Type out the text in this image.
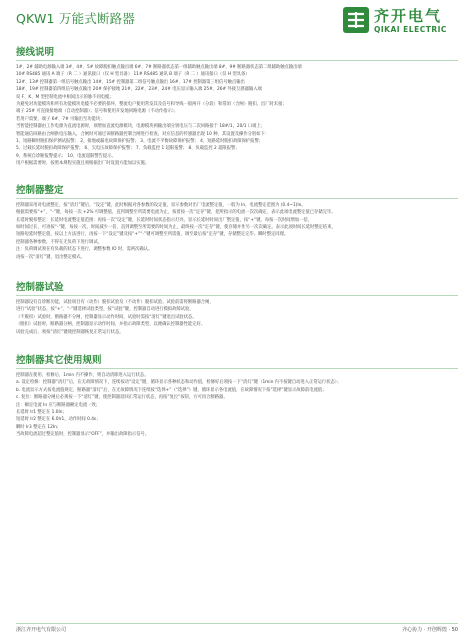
QKW1 万能式断路器	齐开电气
QIKAI ELECTRIC
接线说明
1#、2# 辅助电源输入端 3#、4#、5# 故障脱扣触点输出端 6#、7# 断路器状态第一组辅助触点输出端 8#、9# 断路器状态第二组辅助触点输出端
10# RS485 通讯 A 端子（R 二 ）通讯接口（仅 H 型具备） 11# RS485 通讯 B 端子（R 二 ）通讯接口（仅 H 型具备）
12#、13# 控制器第一组信号触点输出 14#、15# 控制器第二组信号触点输出 16#、17# 控制器第三组信号触点输出
18#、19# 控制器第四组信号触点输出 20# 保护接地 21#、22#、23#、24# 电压显示输入端 25#、26# 外接互感器输入端
说 F、K、M 型控制电流中相间出示的脉不同电缆；
为避免对功能模块和所有功能模块电缆不必要的损坏，整流电户使用常发其及信号和导线一般两开（分段）和常闭（合闸）脱扣，出厂时未接；
端子 25# 可直接接地端（自动控制器）；信号和使用开发地回路电源（不动作指示）；
若用户需要，端子 6#、7# 可输出至功能块；
当智能控制器由工作电源为直流电源时，须增加直流电源模块，电源模块两输出端分别电压与二次回路接于 18#/1，20/1 口端上；
智能通信回路由合闸供电压输入，合闸时可通过该断路器控制合闸进行检查，对应信息的传感器出现 10 种，其设置及操作分别如下：
1、短路瞬时脱扣保护测试报警； 2、接地或漏电故障保护报警； 3、电流不平衡故障保护报警； 4、短路延时脱扣故障保护报警；
5、过载长延时脱扣故障保护报警； 6、欠电压故障保护报警； 7、负载监控 1 超限报警； 8、负载监控 2 超限报警；
9、系统自诊断报警提示； 10、电流超限警告提示。
用户根据需要时，按照本规程实施且须根据出厂时设置方能加以实施。
控制器整定
控制器采用对电流整定，按“清灯”键后，“设定”键，此时根据对各参数的设定值，显示参数对出厂电流整定值，一般为 In，电流整定范围为 (0.4~1)In。
根据需要按“+”、“-”键，每按一次 +2% 可调整值，直到调整至所需要电流为止，按着按一次“定存”键，把所指示的电流一次次确定，表示此项电流整定值已存储完毕。
长延时脱扣整定：长延时电流整定值范围：再按一次“设定”键，长延时时间状态指示灯亮，显示长延时时间出厂整定值，按“+”键，每按一次时间增加一倍，
如时间过长，可再按“-”键，每按一次，时间减少一倍，直到调整至所需要的时间为止，最终按一次“定存”键，使存储并作另一次次确定。表示此项时间长延时整定结束，
短路短延时整定值，按以上方法进行，再按一下“设定”键及按“+”“-”键可调整至所需值，调至最后按“定存”键，存储整定完毕。瞬时整定同理。
控制器各种参数，不得在无负荷下进行调试。
注：负荷调试须在有负载的状态下进行，调整参数 IO 时，需两次确认。
再按一次“清灯”键，退出整定模式。
控制器试验
控制器设有自诊断功能，试验项目有（动作）脱扣试验及（不动作）脱扣试验。试验前需将断路器合闸，
进行“试验”状态，按“+”、“-”键选择试验类型，按“试验”键，控制器自动进行模拟故障试验，
（不脱扣）试验时，断路器不分闸，控制器显示动作时间，试验时需按“清灯”键退出试验状态。
（脱扣）试验时，断路器分闸，控制器显示动作时间，并指示故障类型，以便确认控制器性能完好。
试验完成后，须按“清灯”键使控制器恢复正常运行状态。
控制器其它使用规则
控制器在使用、检修后，1min 内不操作，则自动清除进入运行状态。
a. 设定检修：控制器“清灯”后，在无故障情况下，连续按动“设定”键，循环显示各种状态和动作值，检修好后须按一下“清灯”键（1min 内不按键自动进入正常运行状态）；
b. 电流显示方式按电流值规定，断路器“清灯”后，在无故障情况下连续按“选择+”（“选择”）键，循环显示各电流值，在故障情况下按“选择”键显示故障前电流值；
c. 复位：断路器分闸后必须按一下“清灯”键，使控制器返回正常运行状态，再按“复位”按钮，方可再合断路器。
注：额定电流 In 应与断路器额定电流一致；
长延时 Ir1 整定在 1.0In；
短延时 Ir2 整定在 6.0Ir1，动作时间 0.4s；
瞬时 Ir3 整定在 12In；
当故障电流超过整定值时，控制器显示“OFF”，并输出故障指示信号。
浙江齐开电气有限公司	齐心协力 · 开创辉煌 · 50
